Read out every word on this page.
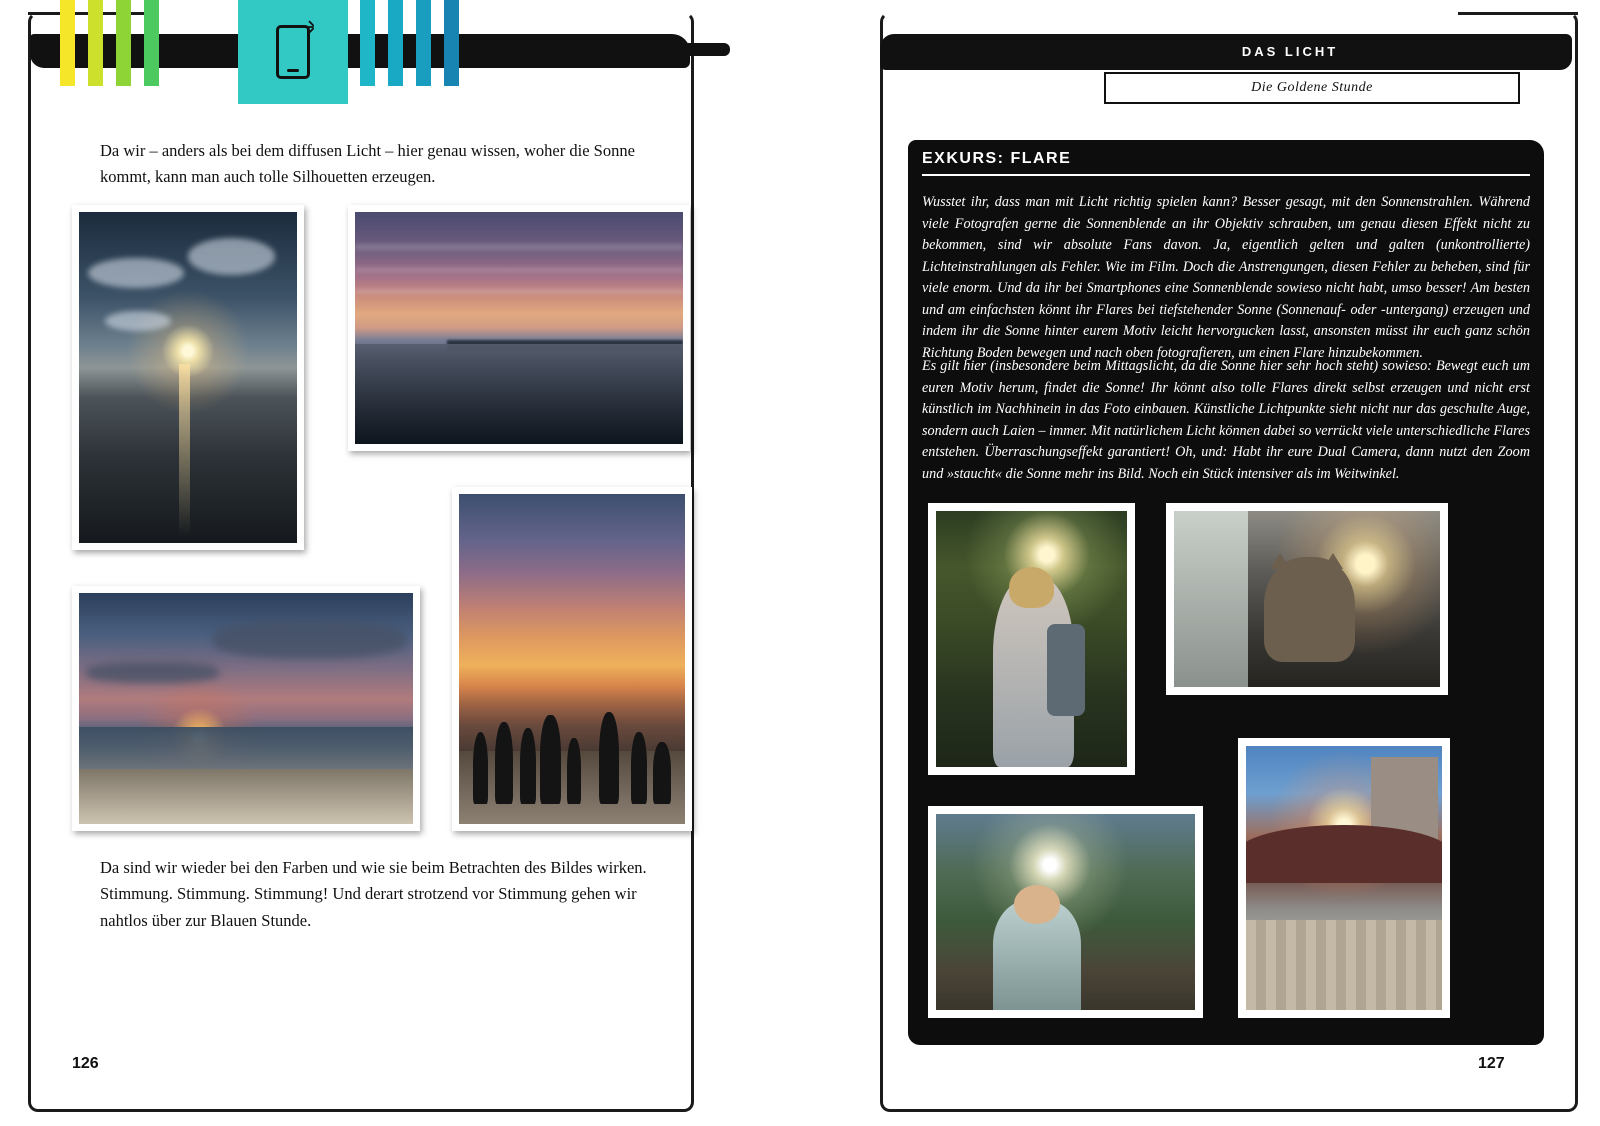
DAS LICHT
Die Goldene Stunde
Da wir – anders als bei dem diffusen Licht – hier genau wissen, woher die Sonne kommt, kann man auch tolle Silhouetten erzeugen.
Da sind wir wieder bei den Farben und wie sie beim Betrachten des Bildes wirken. Stimmung. Stimmung. Stimmung! Und derart strotzend vor Stimmung gehen wir nahtlos über zur Blauen Stunde.
126
EXKURS: FLARE
Wusstet ihr, dass man mit Licht richtig spielen kann? Besser gesagt, mit den Sonnenstrahlen. Während viele Fotografen gerne die Sonnenblende an ihr Objektiv schrauben, um genau diesen Effekt nicht zu bekommen, sind wir absolute Fans davon. Ja, eigentlich gelten und galten (unkontrollierte) Lichteinstrahlungen als Fehler. Wie im Film. Doch die Anstrengungen, diesen Fehler zu beheben, sind für viele enorm. Und da ihr bei Smartphones eine Sonnenblende sowieso nicht habt, umso besser! Am besten und am einfachsten könnt ihr Flares bei tiefstehender Sonne (Sonnenauf- oder -untergang) erzeugen und indem ihr die Sonne hinter eurem Motiv leicht hervorgucken lasst, ansonsten müsst ihr euch ganz schön Richtung Boden bewegen und nach oben fotografieren, um einen Flare hinzubekommen.
Es gilt hier (insbesondere beim Mittagslicht, da die Sonne hier sehr hoch steht) sowieso: Bewegt euch um euren Motiv herum, findet die Sonne! Ihr könnt also tolle Flares direkt selbst erzeugen und nicht erst künstlich im Nachhinein in das Foto einbauen. Künstliche Lichtpunkte sieht nicht nur das geschulte Auge, sondern auch Laien – immer. Mit natürlichem Licht können dabei so verrückt viele unterschiedliche Flares entstehen. Überraschungseffekt garantiert! Oh, und: Habt ihr eure Dual Camera, dann nutzt den Zoom und »staucht« die Sonne mehr ins Bild. Noch ein Stück intensiver als im Weitwinkel.
127
